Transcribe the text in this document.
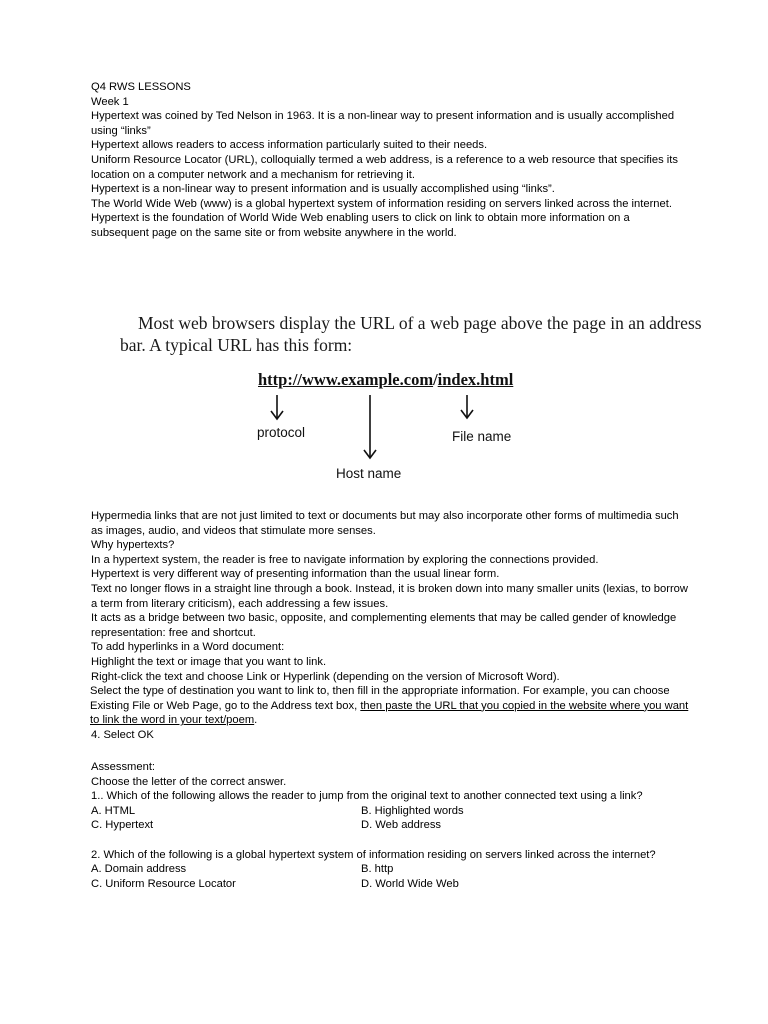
Q4 RWS LESSONS

Week 1

Hypertext was coined by Ted Nelson in 1963. It is a non-linear way to present information and is usually accomplished using “links”

Hypertext allows readers to access information particularly suited to their needs.

Uniform Resource Locator (URL), colloquially termed a web address, is a reference to a web resource that specifies its location on a computer network and a mechanism for retrieving it.

Hypertext is a non-linear way to present information and is usually accomplished using “links”.

The World Wide Web (www) is a global hypertext system of information residing on servers linked across the internet.

Hypertext is the foundation of World Wide Web enabling users to click on link to obtain more information on a subsequent page on the same site or from website anywhere in the world.

Most web browsers display the URL of a web page above the page in an address
bar. A typical URL has this form:
http://www.example.com/index.html
protocol	File name
Host name

Hypermedia links that are not just limited to text or documents but may also incorporate other forms of multimedia such as images, audio, and videos that stimulate more senses.

Why hypertexts?

In a hypertext system, the reader is free to navigate information by exploring the connections provided.

Hypertext is very different way of presenting information than the usual linear form.

Text no longer flows in a straight line through a book. Instead, it is broken down into many smaller units (lexias, to borrow a term from literary criticism), each addressing a few issues.

It acts as a bridge between two basic, opposite, and complementing elements that may be called gender of knowledge representation: free and shortcut.

To add hyperlinks in a Word document:

Highlight the text or image that you want to link.

Right-click the text and choose Link or Hyperlink (depending on the version of Microsoft Word).

Select the type of destination you want to link to, then fill in the appropriate information. For example, you can choose Existing File or Web Page, go to the Address text box, then paste the URL that you copied in the website where you want to link the word in your text/poem.

4. Select OK

Assessment:

Choose the letter of the correct answer.

1.. Which of the following allows the reader to jump from the original text to another connected text using a link?

A. HTML	B. Highlighted words
C. Hypertext	D. Web address

2. Which of the following is a global hypertext system of information residing on servers linked across the internet?

A. Domain address	B. http
C. Uniform Resource Locator	D. World Wide Web
